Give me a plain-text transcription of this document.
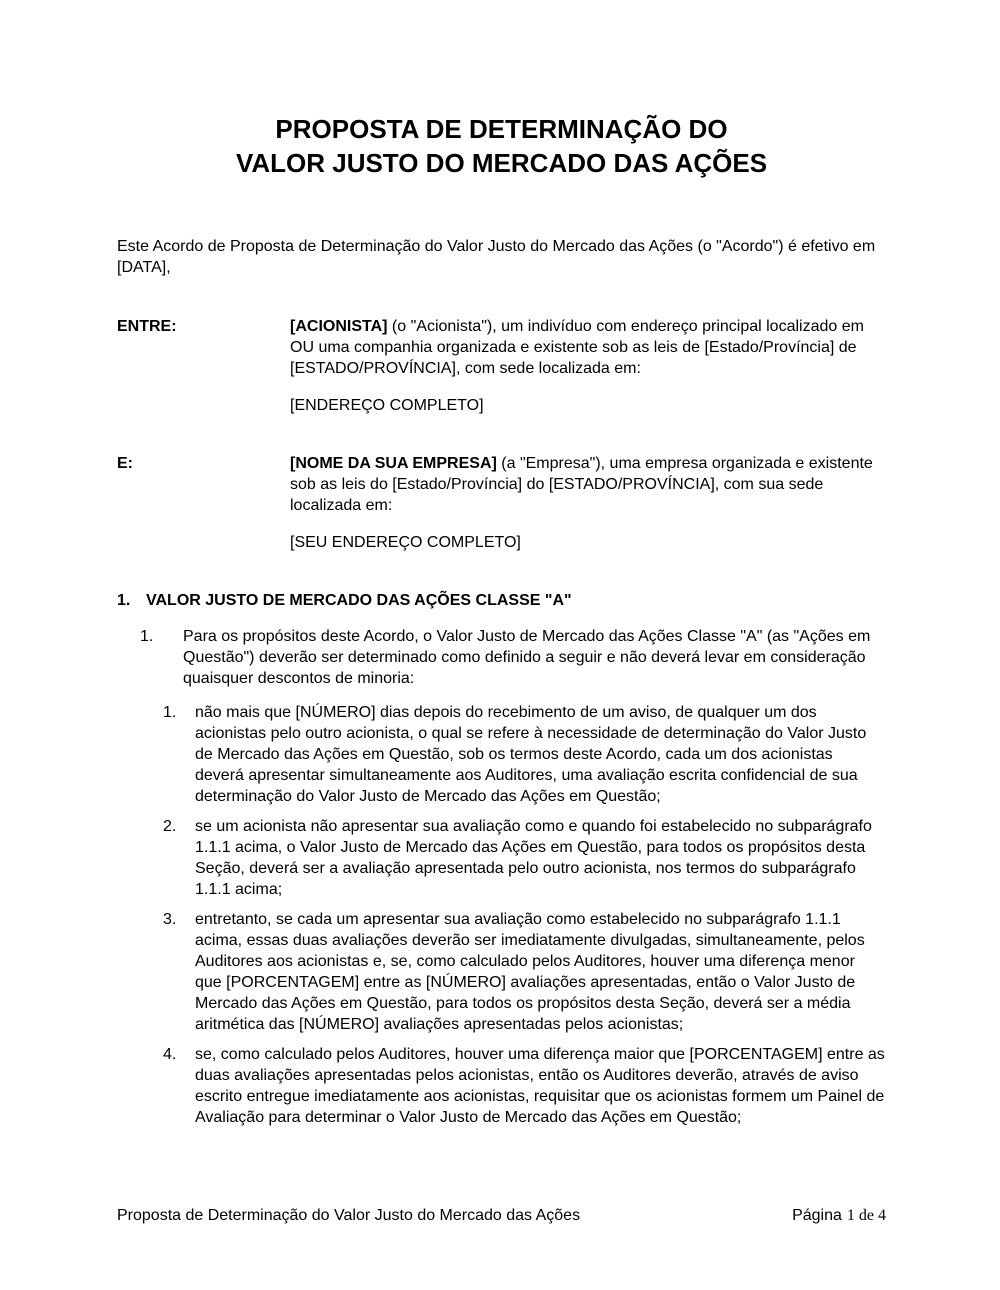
PROPOSTA DE DETERMINAÇÃO DO
VALOR JUSTO DO MERCADO DAS AÇÕES

Este Acordo de Proposta de Determinação do Valor Justo do Mercado das Ações (o "Acordo") é efetivo em [DATA],

ENTRE:	[ACIONISTA] (o "Acionista"), um indivíduo com endereço principal localizado em OU uma companhia organizada e existente sob as leis de [Estado/Província] de [ESTADO/PROVÍNCIA], com sede localizada em:

[ENDEREÇO COMPLETO]

E:	[NOME DA SUA EMPRESA] (a "Empresa"), uma empresa organizada e existente sob as leis do [Estado/Província] do [ESTADO/PROVÍNCIA], com sua sede localizada em:

[SEU ENDEREÇO COMPLETO]

1. VALOR JUSTO DE MERCADO DAS AÇÕES CLASSE "A"
1.	Para os propósitos deste Acordo, o Valor Justo de Mercado das Ações Classe "A" (as "Ações em Questão") deverão ser determinado como definido a seguir e não deverá levar em consideração quaisquer descontos de minoria:
1.	não mais que [NÚMERO] dias depois do recebimento de um aviso, de qualquer um dos acionistas pelo outro acionista, o qual se refere à necessidade de determinação do Valor Justo de Mercado das Ações em Questão, sob os termos deste Acordo, cada um dos acionistas deverá apresentar simultaneamente aos Auditores, uma avaliação escrita confidencial de sua determinação do Valor Justo de Mercado das Ações em Questão;
2.	se um acionista não apresentar sua avaliação como e quando foi estabelecido no subparágrafo 1.1.1 acima, o Valor Justo de Mercado das Ações em Questão, para todos os propósitos desta Seção, deverá ser a avaliação apresentada pelo outro acionista, nos termos do subparágrafo 1.1.1 acima;
3.	entretanto, se cada um apresentar sua avaliação como estabelecido no subparágrafo 1.1.1 acima, essas duas avaliações deverão ser imediatamente divulgadas, simultaneamente, pelos Auditores aos acionistas e, se, como calculado pelos Auditores, houver uma diferença menor que [PORCENTAGEM] entre as [NÚMERO] avaliações apresentadas, então o Valor Justo de Mercado das Ações em Questão, para todos os propósitos desta Seção, deverá ser a média aritmética das [NÚMERO] avaliações apresentadas pelos acionistas;
4.	se, como calculado pelos Auditores, houver uma diferença maior que [PORCENTAGEM] entre as duas avaliações apresentadas pelos acionistas, então os Auditores deverão, através de aviso escrito entregue imediatamente aos acionistas, requisitar que os acionistas formem um Painel de Avaliação para determinar o Valor Justo de Mercado das Ações em Questão;
Proposta de Determinação do Valor Justo do Mercado das Ações	Página 1 de 4
